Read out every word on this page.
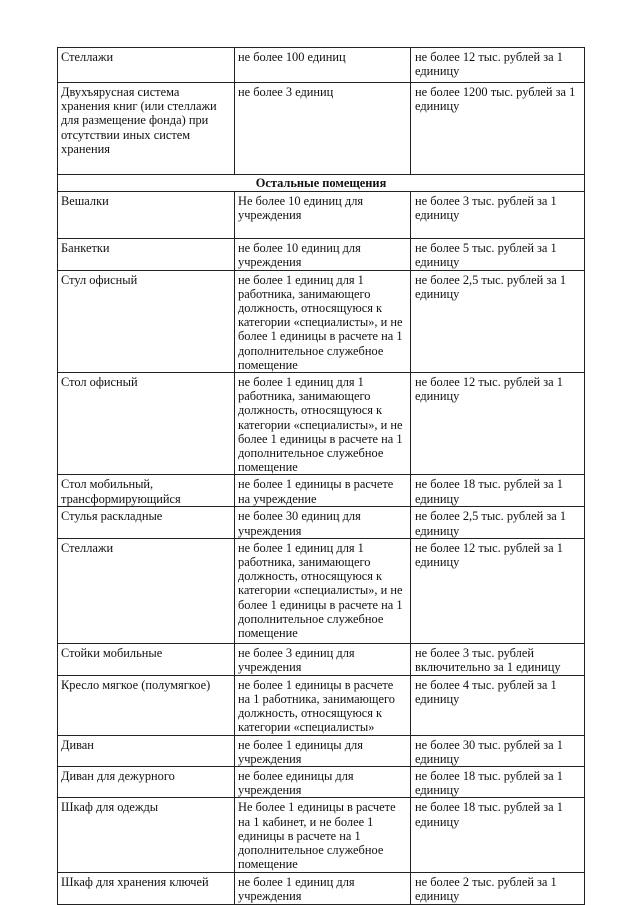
Стеллажи	не более 100 единиц	не более 12 тыс. рублей за 1 единицу
Двухъярусная система хранения книг (или стеллажи для размещение фонда) при отсутствии иных систем хранения	не более 3 единиц	не более 1200 тыс. рублей за 1 единицу
Остальные помещения		
Вешалки	Не более 10 единиц для учреждения	не более 3 тыс. рублей за 1 единицу
Банкетки	не более 10 единиц для учреждения	не более 5 тыс. рублей за 1 единицу
Стул офисный	не более 1 единиц для 1 работника, занимающего должность, относящуюся к категории «специалисты», и не более 1 единицы в расчете на 1 дополнительное служебное помещение	не более 2,5 тыс. рублей за 1 единицу
Стол офисный	не более 1 единиц для 1 работника, занимающего должность, относящуюся к категории «специалисты», и не более 1 единицы в расчете на 1 дополнительное служебное помещение	не более 12 тыс. рублей за 1 единицу
Стол мобильный, трансформирующийся	не более 1 единицы в расчете на учреждение	не более 18 тыс. рублей за 1 единицу
Стулья раскладные	не более 30 единиц для учреждения	не более 2,5 тыс. рублей за 1 единицу
Стеллажи	не более 1 единиц для 1 работника, занимающего должность, относящуюся к категории «специалисты», и не более 1 единицы в расчете на 1 дополнительное служебное помещение	не более 12 тыс. рублей за 1 единицу
Стойки мобильные	не более 3 единиц для учреждения	не более 3 тыс. рублей включительно за 1 единицу
Кресло мягкое (полумягкое)	не более 1 единицы в расчете на 1 работника, занимающего должность, относящуюся к категории «специалисты»	не более 4 тыс. рублей за 1 единицу
Диван	не более 1 единицы для учреждения	не более 30 тыс. рублей за 1 единицу
Диван для дежурного	не более единицы для учреждения	не более 18 тыс. рублей за 1 единицу
Шкаф для одежды	Не более 1 единицы в расчете на 1 кабинет, и не более 1 единицы в расчете на 1 дополнительное служебное помещение	не более 18 тыс. рублей за 1 единицу
Шкаф для хранения ключей	не более 1 единиц для учреждения	не более 2 тыс. рублей за 1 единицу
